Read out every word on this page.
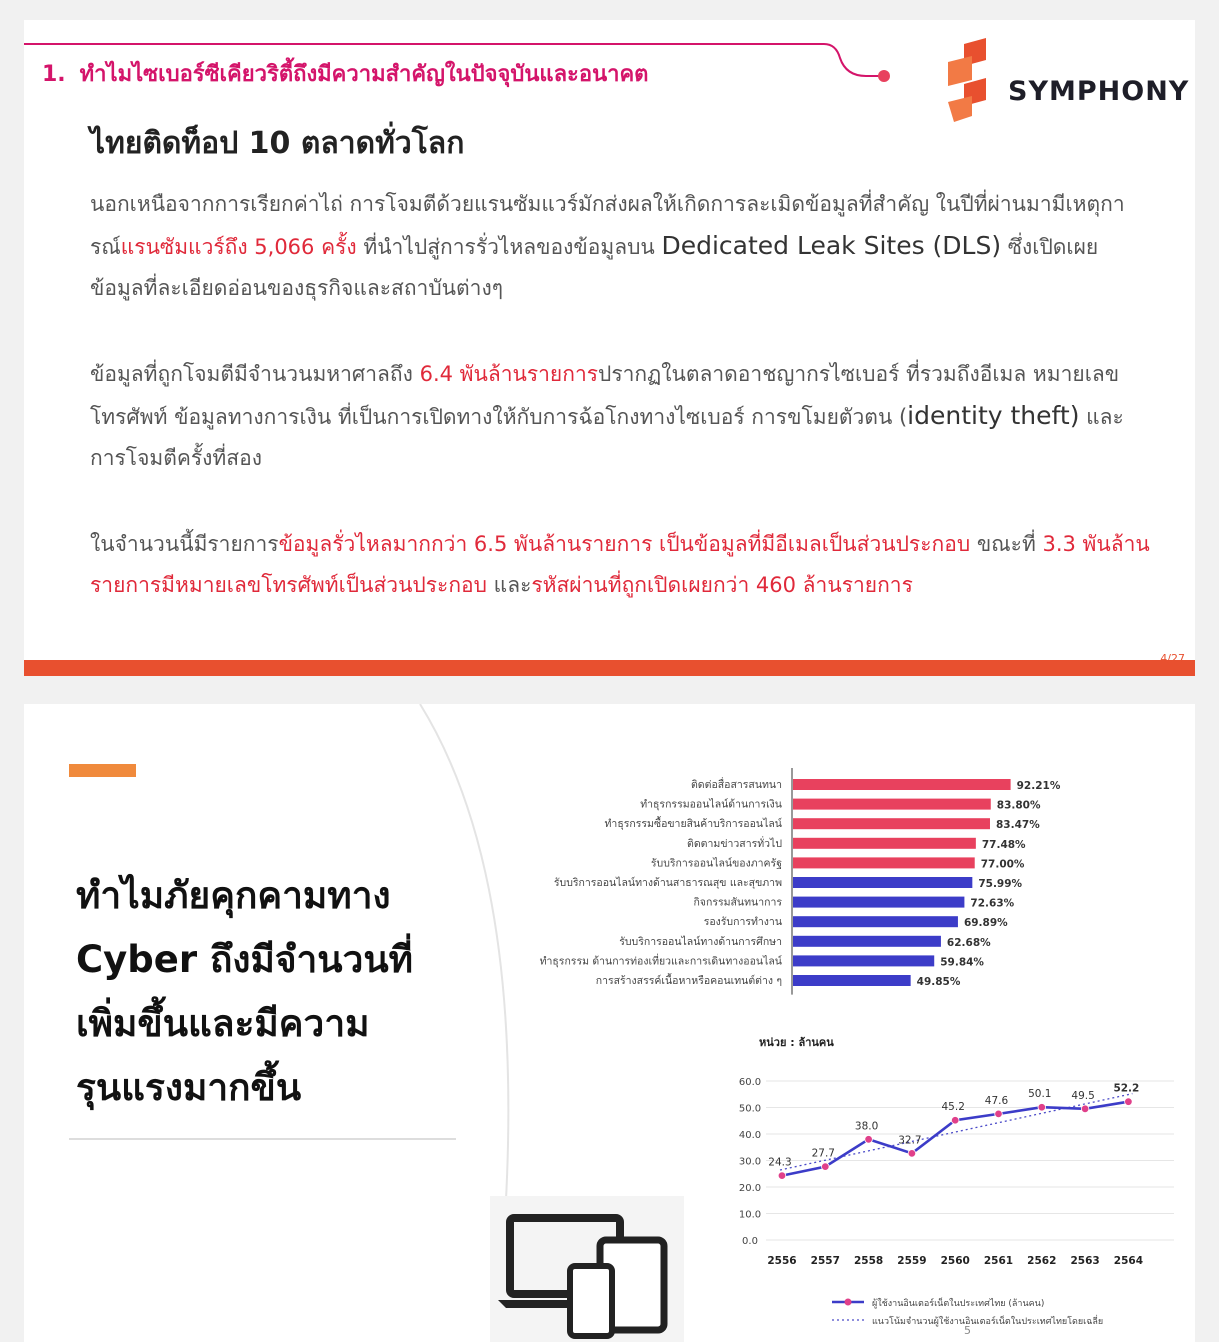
1. ทำไมไซเบอร์ซีเคียวริตี้ถึงมีความสำคัญในปัจจุบันและอนาคต
SYMPHONY
ไทยติดท็อป 10 ตลาดทั่วโลก
นอกเหนือจากการเรียกค่าไถ่ การโจมตีด้วยแรนซัมแวร์มักส่งผลให้เกิดการละเมิดข้อมูลที่สำคัญ ในปีที่ผ่านมามีเหตุการณ์แรนซัมแวร์ถึง 5,066 ครั้ง ที่นำไปสู่การรั่วไหลของข้อมูลบน Dedicated Leak Sites (DLS) ซึ่งเปิดเผยข้อมูลที่ละเอียดอ่อนของธุรกิจและสถาบันต่างๆ
ข้อมูลที่ถูกโจมตีมีจำนวนมหาศาลถึง 6.4 พันล้านรายการปรากฏในตลาดอาชญากรไซเบอร์ ที่รวมถึงอีเมล หมายเลขโทรศัพท์ ข้อมูลทางการเงิน ที่เป็นการเปิดทางให้กับการฉ้อโกงทางไซเบอร์ การขโมยตัวตน (identity theft) และการโจมตีครั้งที่สอง
ในจำนวนนี้มีรายการข้อมูลรั่วไหลมากกว่า 6.5 พันล้านรายการ เป็นข้อมูลที่มีอีเมลเป็นส่วนประกอบ ขณะที่ 3.3 พันล้านรายการมีหมายเลขโทรศัพท์เป็นส่วนประกอบ และรหัสผ่านที่ถูกเปิดเผยกว่า 460 ล้านรายการ
4/27
ทำไมภัยคุกคามทาง Cyber ถึงมีจำนวนที่เพิ่มขึ้นและมีความรุนแรงมากขึ้น
ติดต่อสื่อสารสนทนา	92.21%
ทำธุรกรรมออนไลน์ด้านการเงิน	83.80%
ทำธุรกรรมซื้อขายสินค้าบริการออนไลน์	83.47%
ติดตามข่าวสารทั่วไป	77.48%
รับบริการออนไลน์ของภาครัฐ	77.00%
รับบริการออนไลน์ทางด้านสาธารณสุข และสุขภาพ	75.99%
กิจกรรมสันทนาการ	72.63%
รองรับการทำงาน	69.89%
รับบริการออนไลน์ทางด้านการศึกษา	62.68%
ทำธุรกรรม ด้านการท่องเที่ยวและการเดินทางออนไลน์	59.84%
การสร้างสรรค์เนื้อหาหรือคอนเทนต์ต่าง ๆ	49.85%
หน่วย : ล้านคน
0.0
10.0
20.0
30.0
40.0
50.0
60.0
24.3
2556
27.7
2557
38.0
2558
32.7
2559
45.2
2560
47.6
2561
50.1
2562
49.5
2563
52.2
2564
ผู้ใช้งานอินเตอร์เน็ตในประเทศไทย (ล้านคน)
แนวโน้มจำนวนผู้ใช้งานอินเตอร์เน็ตในประเทศไทยโดยเฉลี่ย
5
